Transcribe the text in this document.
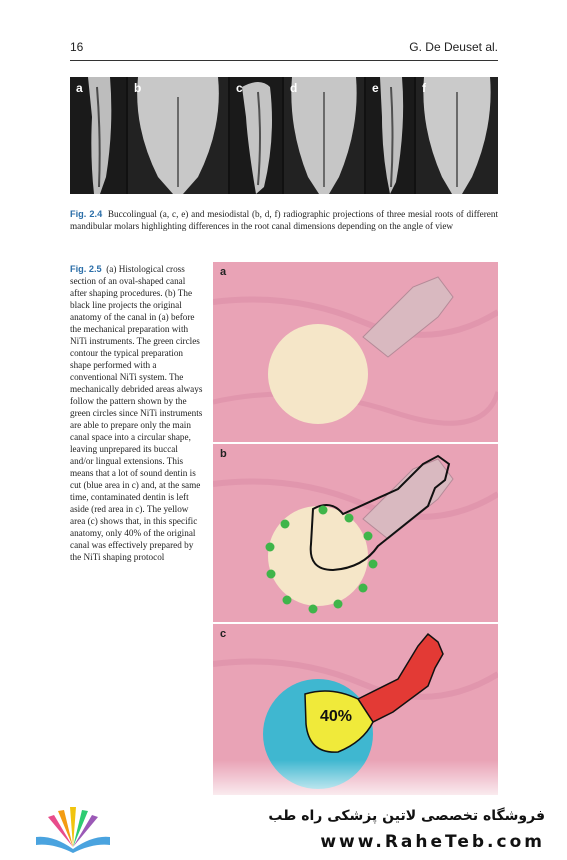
16	G. De Deuset al.
a	b	c	d	e	f

Fig. 2.4 Buccolingual (a, c, e) and mesiodistal (b, d, f) radiographic projections of three mesial roots of different mandibular molars highlighting differences in the root canal dimensions depending on the angle of view

Fig. 2.5 (a) Histological cross section of an oval-shaped canal after shaping procedures. (b) The black line projects the original anatomy of the canal in (a) before the mechanical preparation with NiTi instruments. The green circles contour the typical preparation shape performed with a conventional NiTi system. The mechanically debrided areas always follow the pattern shown by the green circles since NiTi instruments are able to prepare only the main canal space into a circular shape, leaving unprepared its buccal and/or lingual extensions. This means that a lot of sound dentin is cut (blue area in c) and, at the same time, contaminated dentin is left aside (red area in c). The yellow area (c) shows that, in this specific anatomy, only 40% of the original canal was effectively prepared by the NiTi shaping protocol

a
b
40%
c
فروشگاه تخصصی لاتین پزشکی راه طب
www.RaheTeb.com
